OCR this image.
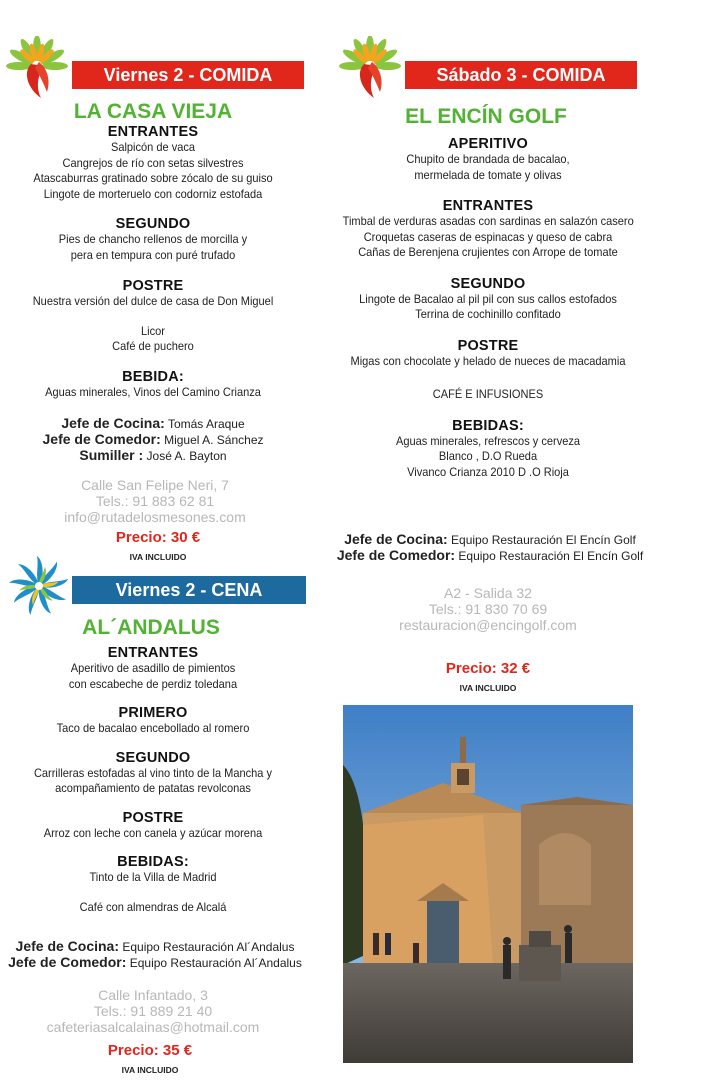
Viernes 2 - COMIDA
LA CASA VIEJA
ENTRANTES
Salpicón de vaca
Cangrejos de río con setas silvestres
Atascaburras gratinado sobre zócalo de su guiso
Lingote de morteruelo con codorniz estofada
SEGUNDO
Pies de chancho rellenos de morcilla y
pera en tempura con puré trufado
POSTRE
Nuestra versión del dulce de casa de Don Miguel
Licor
Café de puchero
BEBIDA:
Aguas minerales, Vinos del Camino Crianza
Jefe de Cocina: Tomás Araque
Jefe de Comedor: Miguel A. Sánchez
Sumiller : José A. Bayton
Calle San Felipe Neri, 7
Tels.: 91 883 62 81
info@rutadelosmesones.com
Precio: 30 €
IVA INCLUIDO
Viernes 2 - CENA
AL´ANDALUS
ENTRANTES
Aperitivo de asadillo de pimientos
con escabeche de perdiz toledana
PRIMERO
Taco de bacalao encebollado al romero
SEGUNDO
Carrilleras estofadas al vino tinto de la Mancha y
acompañamiento de patatas revolconas
POSTRE
Arroz con leche con canela y azúcar morena
BEBIDAS:
Tinto de la Villa de Madrid
Café con almendras de Alcalá
Jefe de Cocina: Equipo Restauración Al´Andalus
Jefe de Comedor: Equipo Restauración Al´Andalus
Calle Infantado, 3
Tels.: 91 889 21 40
cafeteriasalcalainas@hotmail.com
Precio: 35 €
IVA INCLUIDO
Sábado 3 - COMIDA
EL ENCÍN GOLF
APERITIVO
Chupito de brandada de bacalao,
mermelada de tomate y olivas
ENTRANTES
Timbal de verduras asadas con sardinas en salazón casero
Croquetas caseras de espinacas y queso de cabra
Cañas de Berenjena crujientes con Arrope de tomate
SEGUNDO
Lingote de Bacalao al pil pil con sus callos estofados
Terrina de cochinillo confitado
POSTRE
Migas con chocolate y helado de nueces de macadamia
CAFÉ E INFUSIONES
BEBIDAS:
Aguas minerales, refrescos y cerveza
Blanco , D.O Rueda
Vivanco Crianza 2010 D .O Rioja
Jefe de Cocina: Equipo Restauración El Encín Golf
Jefe de Comedor: Equipo Restauración El Encín Golf
A2 - Salida 32
Tels.: 91 830 70 69
restauracion@encingolf.com
Precio: 32 €
IVA INCLUIDO
